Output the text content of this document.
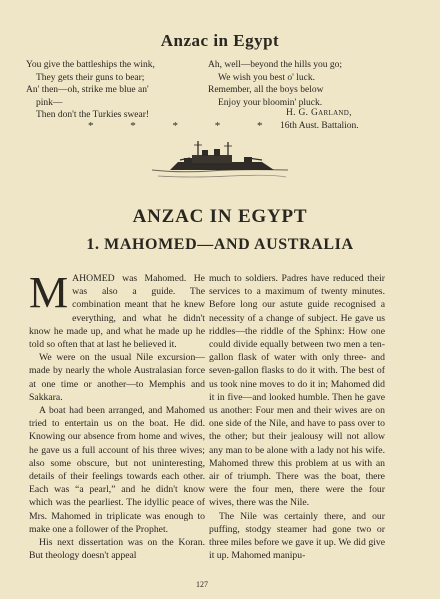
Anzac in Egypt
You give the battleships the wink,
They gets their guns to bear;
An' then—oh, strike me blue an'
pink—
Then don't the Turkies swear!
Ah, well—beyond the hills you go;
We wish you best o' luck.
Remember, all the boys below
Enjoy your bloomin' pluck.
* * * * *
H. G. Garland,
16th Aust. Battalion.
ANZAC IN EGYPT
1. MAHOMED—AND AUSTRALIA

MAHOMED was Mahomed. He was also a guide. The combination meant that he knew everything, and what he didn't know he made up, and what he made up he told so often that at last he believed it.

We were on the usual Nile excursion—made by nearly the whole Australasian force at one time or another—to Memphis and Sakkara.

A boat had been arranged, and Mahomed tried to entertain us on the boat. He did. Knowing our absence from home and wives, he gave us a full account of his three wives; also some obscure, but not uninteresting, details of their feelings towards each other. Each was “a pearl,” and he didn't know which was the pearliest. The idyllic peace of Mrs. Mahomed in triplicate was enough to make one a follower of the Prophet.

His next dissertation was on the Koran. But theology doesn't appeal

much to soldiers. Padres have reduced their services to a maximum of twenty minutes. Before long our astute guide recognised a necessity of a change of subject. He gave us riddles—the riddle of the Sphinx: How one could divide equally between two men a ten-gallon flask of water with only three- and seven-gallon flasks to do it with. The best of us took nine moves to do it in; Mahomed did it in five—and looked humble. Then he gave us another: Four men and their wives are on one side of the Nile, and have to pass over to the other; but their jealousy will not allow any man to be alone with a lady not his wife. Mahomed threw this problem at us with an air of triumph. There was the boat, there were the four men, there were the four wives, there was the Nile.

The Nile was certainly there, and our puffing, stodgy steamer had gone two or three miles before we gave it up. We did give it up. Mahomed manipu-

127
